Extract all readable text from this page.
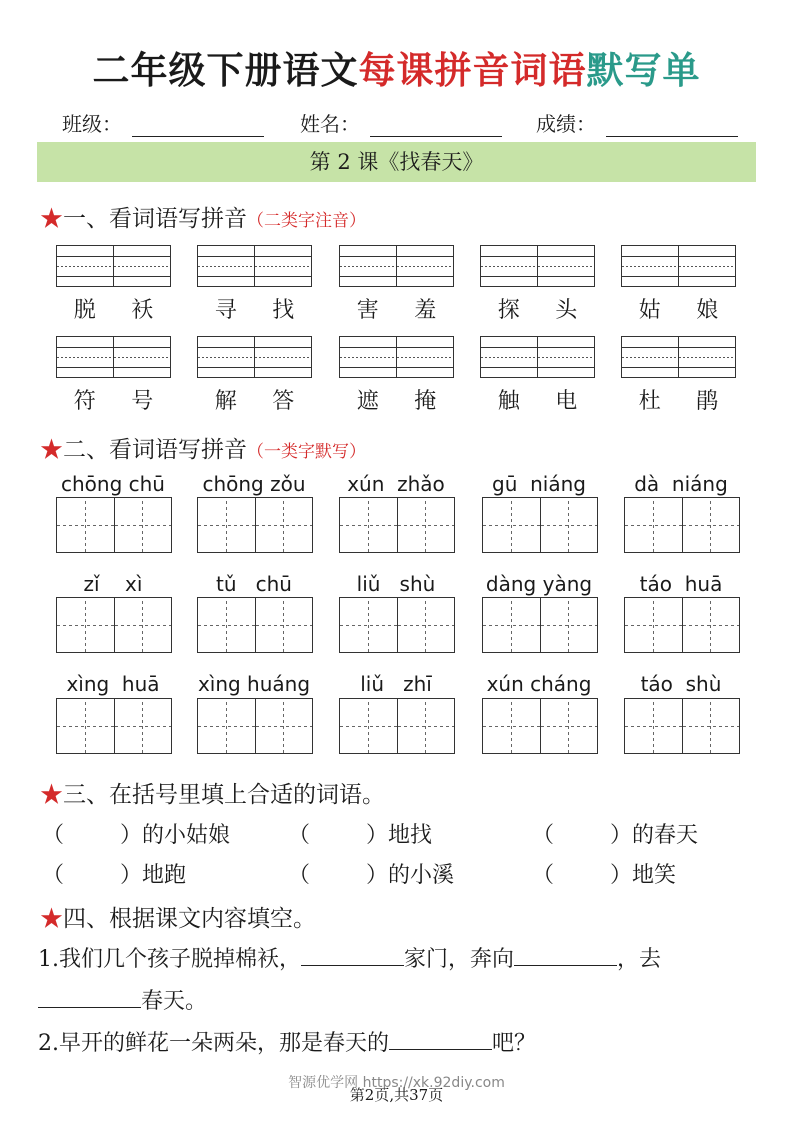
二年级下册语文每课拼音词语默写单
班级：	姓名：	成绩：
第 2 课《找春天》
★一、看词语写拼音（二类字注音）
脱 袄	寻 找	害 羞	探 头	姑 娘
符 号	解 答	遮 掩	触 电	杜 鹃
★二、看词语写拼音（一类字默写）
chōng chū	chōng zǒu	xún  zhǎo	gū  niáng	dà  niáng
zǐ    xì	tǔ   chū	liǔ   shù	dàng yàng	táo  huā
xìng  huā	xìng huáng	liǔ   zhī	xún cháng	táo  shù
★三、在括号里填上合适的词语。
（        ）的小姑娘	（        ）地找	（        ）的春天
（        ）地跑	（        ）的小溪	（        ）地笑
★四、根据课文内容填空。
1.我们几个孩子脱掉棉袄，	家门，奔向	，去
春天。
2.早开的鲜花一朵两朵，那是春天的	吧？
智源优学网 https://xk.92diy.com
第2页,共37页
